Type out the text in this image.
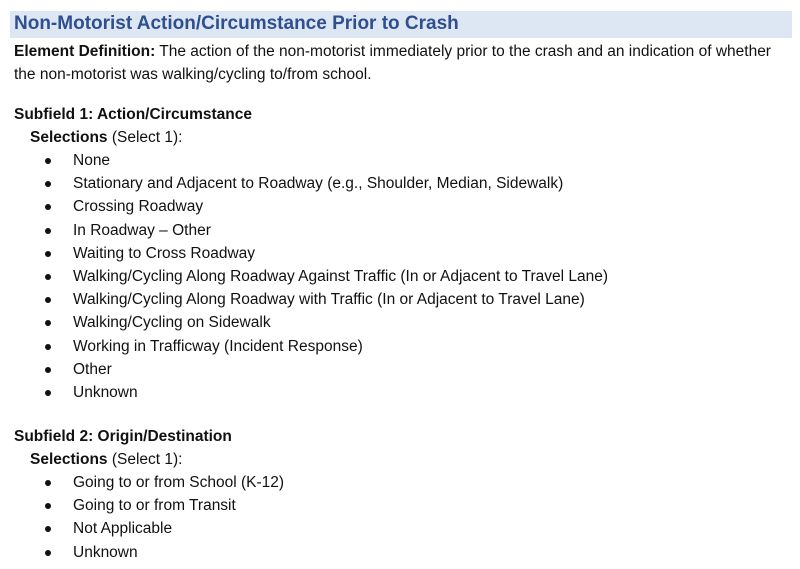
Non-Motorist Action/Circumstance Prior to Crash
Element Definition: The action of the non-motorist immediately prior to the crash and an indication of whether the non-motorist was walking/cycling to/from school.
Subfield 1: Action/Circumstance
Selections (Select 1):
None
Stationary and Adjacent to Roadway (e.g., Shoulder, Median, Sidewalk)
Crossing Roadway
In Roadway – Other
Waiting to Cross Roadway
Walking/Cycling Along Roadway Against Traffic (In or Adjacent to Travel Lane)
Walking/Cycling Along Roadway with Traffic (In or Adjacent to Travel Lane)
Walking/Cycling on Sidewalk
Working in Trafficway (Incident Response)
Other
Unknown
Subfield 2: Origin/Destination
Selections (Select 1):
Going to or from School (K-12)
Going to or from Transit
Not Applicable
Unknown
